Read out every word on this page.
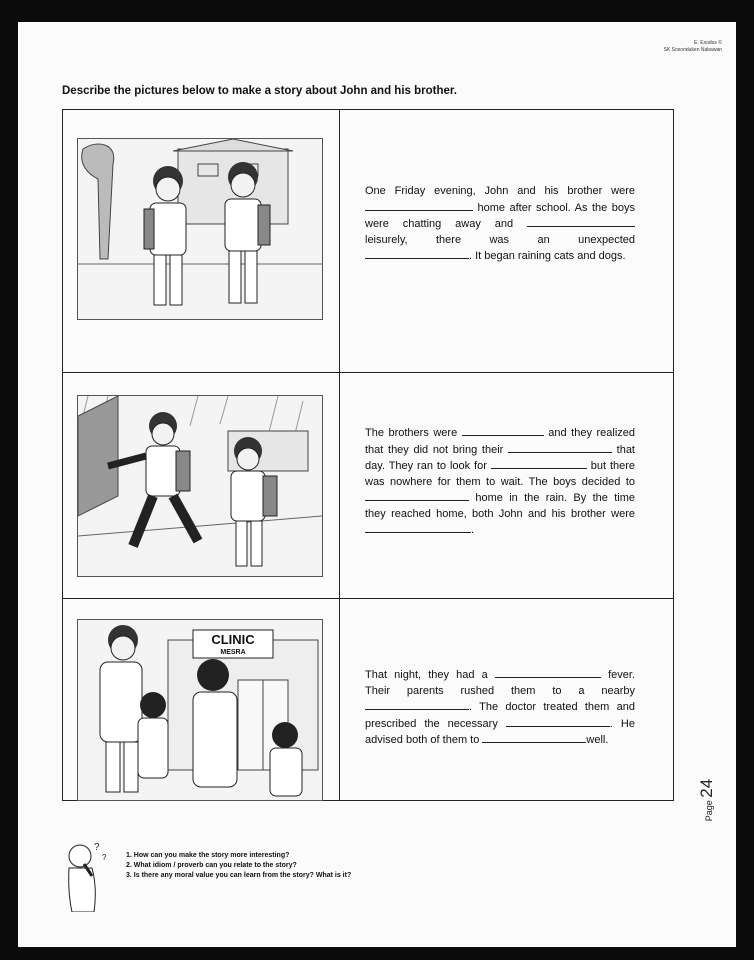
E. Exodus ©
SK Sosonduken Nabawan
Describe the pictures below to make a story about John and his brother.

One Friday evening, John and his brother were  home after school. As the boys were chatting away and  leisurely, there was an unexpected . It began raining cats and dogs.

The brothers were	and they realized that they did not bring their	that day. They ran to look for	but there was nowhere for them to wait. The boys decided to  home in the rain. By the time they reached home, both John and his brother were .

CLINIC
MESRA

That night, they had a	fever. Their parents rushed them to a nearby . The doctor treated them and prescribed the necessary	. He advised both of them to	well.

Page 24
?
?	1. How can you make the story more interesting?
2. What idiom / proverb can you relate to the story?
3. Is there any moral value you can learn from the story? What is it?
